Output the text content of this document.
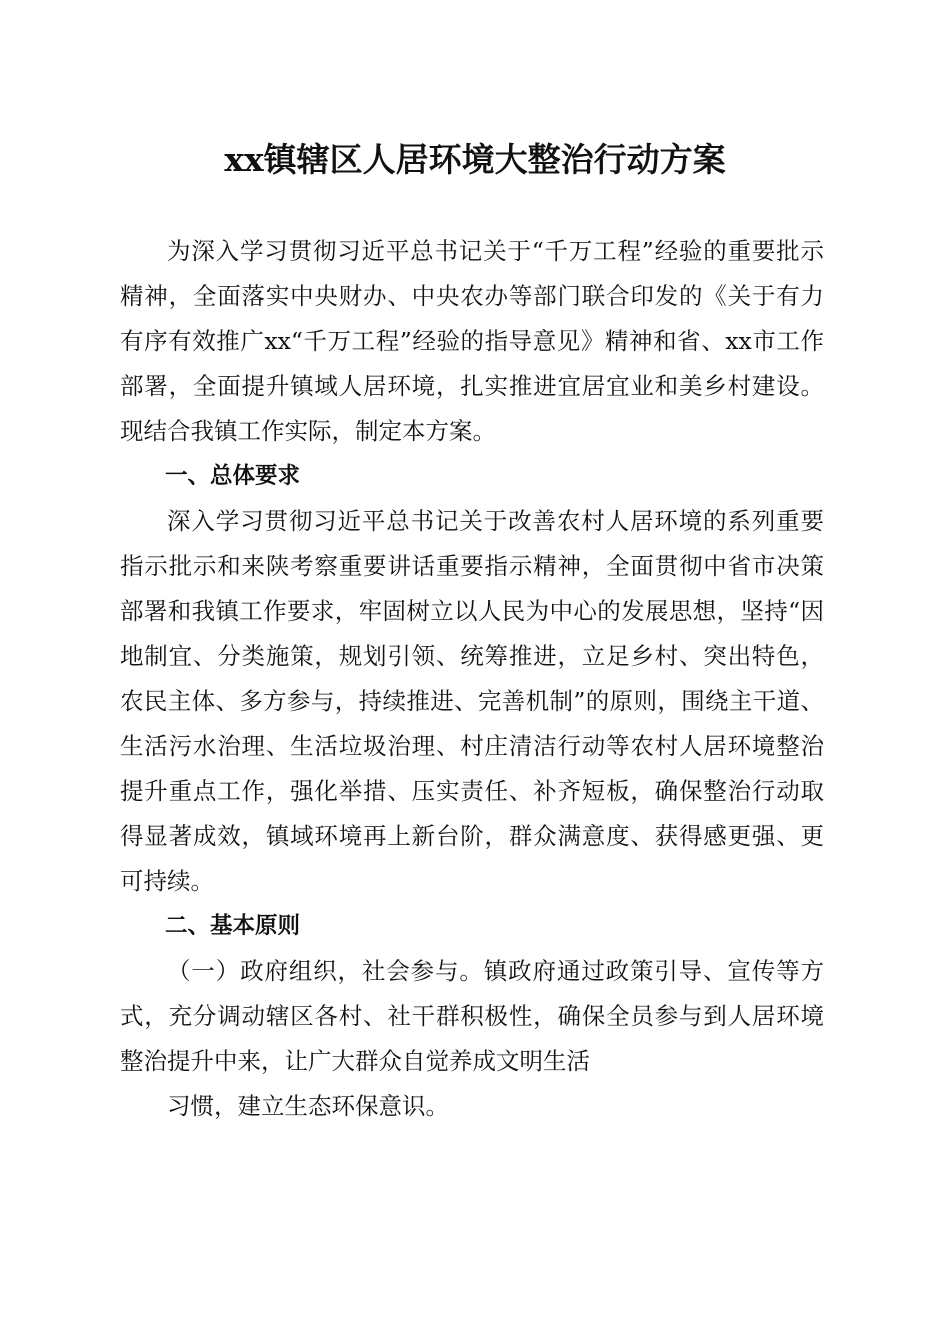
xx镇辖区人居环境大整治行动方案

为深入学习贯彻习近平总书记关于“千万工程”经验的重要批示精神，全面落实中央财办、中央农办等部门联合印发的《关于有力有序有效推广xx“千万工程”经验的指导意见》精神和省、xx市工作部署，全面提升镇域人居环境，扎实推进宜居宜业和美乡村建设。现结合我镇工作实际，制定本方案。

一、总体要求

深入学习贯彻习近平总书记关于改善农村人居环境的系列重要指示批示和来陕考察重要讲话重要指示精神，全面贯彻中省市决策部署和我镇工作要求，牢固树立以人民为中心的发展思想，坚持“因地制宜、分类施策，规划引领、统筹推进，立足乡村、突出特色，农民主体、多方参与，持续推进、完善机制”的原则，围绕主干道、生活污水治理、生活垃圾治理、村庄清洁行动等农村人居环境整治提升重点工作，强化举措、压实责任、补齐短板，确保整治行动取得显著成效，镇域环境再上新台阶，群众满意度、获得感更强、更可持续。

二、基本原则

（一）政府组织，社会参与。镇政府通过政策引导、宣传等方式，充分调动辖区各村、社干群积极性，确保全员参与到人居环境整治提升中来，让广大群众自觉养成文明生活

习惯，建立生态环保意识。
